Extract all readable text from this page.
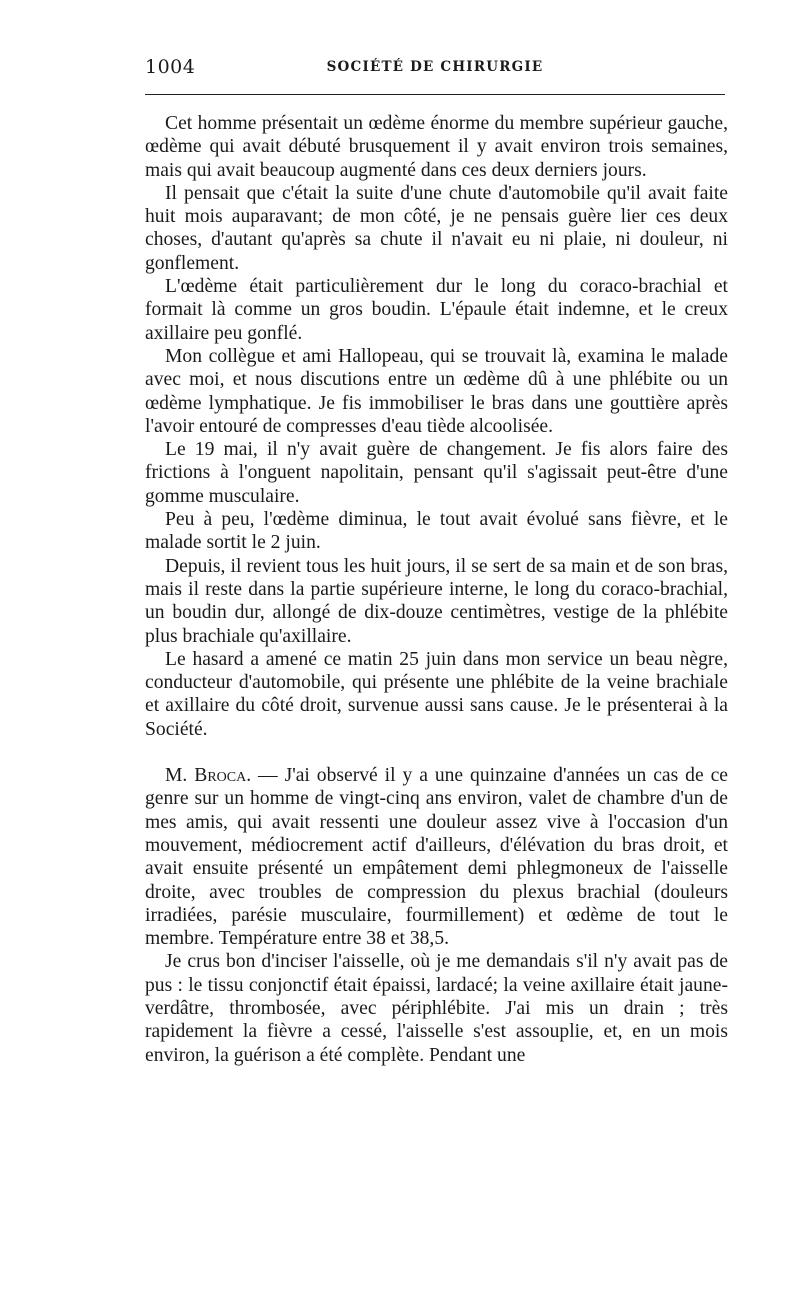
1004	SOCIÉTÉ DE CHIRURGIE

Cet homme présentait un œdème énorme du membre supérieur gauche, œdème qui avait débuté brusquement il y avait environ trois semaines, mais qui avait beaucoup augmenté dans ces deux derniers jours.

Il pensait que c'était la suite d'une chute d'automobile qu'il avait faite huit mois auparavant; de mon côté, je ne pensais guère lier ces deux choses, d'autant qu'après sa chute il n'avait eu ni plaie, ni douleur, ni gonflement.

L'œdème était particulièrement dur le long du coraco-brachial et formait là comme un gros boudin. L'épaule était indemne, et le creux axillaire peu gonflé.

Mon collègue et ami Hallopeau, qui se trouvait là, examina le malade avec moi, et nous discutions entre un œdème dû à une phlébite ou un œdème lymphatique. Je fis immobiliser le bras dans une gouttière après l'avoir entouré de compresses d'eau tiède alcoolisée.

Le 19 mai, il n'y avait guère de changement. Je fis alors faire des frictions à l'onguent napolitain, pensant qu'il s'agissait peut-être d'une gomme musculaire.

Peu à peu, l'œdème diminua, le tout avait évolué sans fièvre, et le malade sortit le 2 juin.

Depuis, il revient tous les huit jours, il se sert de sa main et de son bras, mais il reste dans la partie supérieure interne, le long du coraco-brachial, un boudin dur, allongé de dix-douze centimètres, vestige de la phlébite plus brachiale qu'axillaire.

Le hasard a amené ce matin 25 juin dans mon service un beau nègre, conducteur d'automobile, qui présente une phlébite de la veine brachiale et axillaire du côté droit, survenue aussi sans cause. Je le présenterai à la Société.

M. Broca. — J'ai observé il y a une quinzaine d'années un cas de ce genre sur un homme de vingt-cinq ans environ, valet de chambre d'un de mes amis, qui avait ressenti une douleur assez vive à l'occasion d'un mouvement, médiocrement actif d'ailleurs, d'élévation du bras droit, et avait ensuite présenté un empâtement demi phlegmoneux de l'aisselle droite, avec troubles de compression du plexus brachial (douleurs irradiées, parésie musculaire, fourmillement) et œdème de tout le membre. Température entre 38 et 38,5.

Je crus bon d'inciser l'aisselle, où je me demandais s'il n'y avait pas de pus : le tissu conjonctif était épaissi, lardacé; la veine axillaire était jaune-verdâtre, thrombosée, avec périphlébite. J'ai mis un drain ; très rapidement la fièvre a cessé, l'aisselle s'est assouplie, et, en un mois environ, la guérison a été complète. Pendant une
